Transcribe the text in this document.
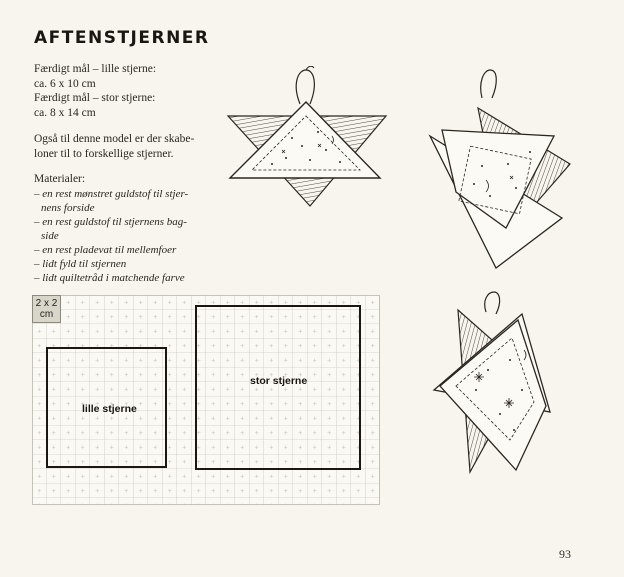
AFTENSTJERNER
Færdigt mål – lille stjerne:
ca. 6 x 10 cm
Færdigt mål – stor stjerne:
ca. 8 x 14 cm
Også til denne model er der skabe-
loner til to forskellige stjerner.
Materialer:
– en rest mønstret guldstof til stjer-
nens forside
– en rest guldstof til stjernens bag-
side
– en rest pladevat til mellemfoer
– lidt fyld til stjernen
– lidt quiltetråd i matchende farve
2 x 2
cm
lille stjerne
stor stjerne
93
